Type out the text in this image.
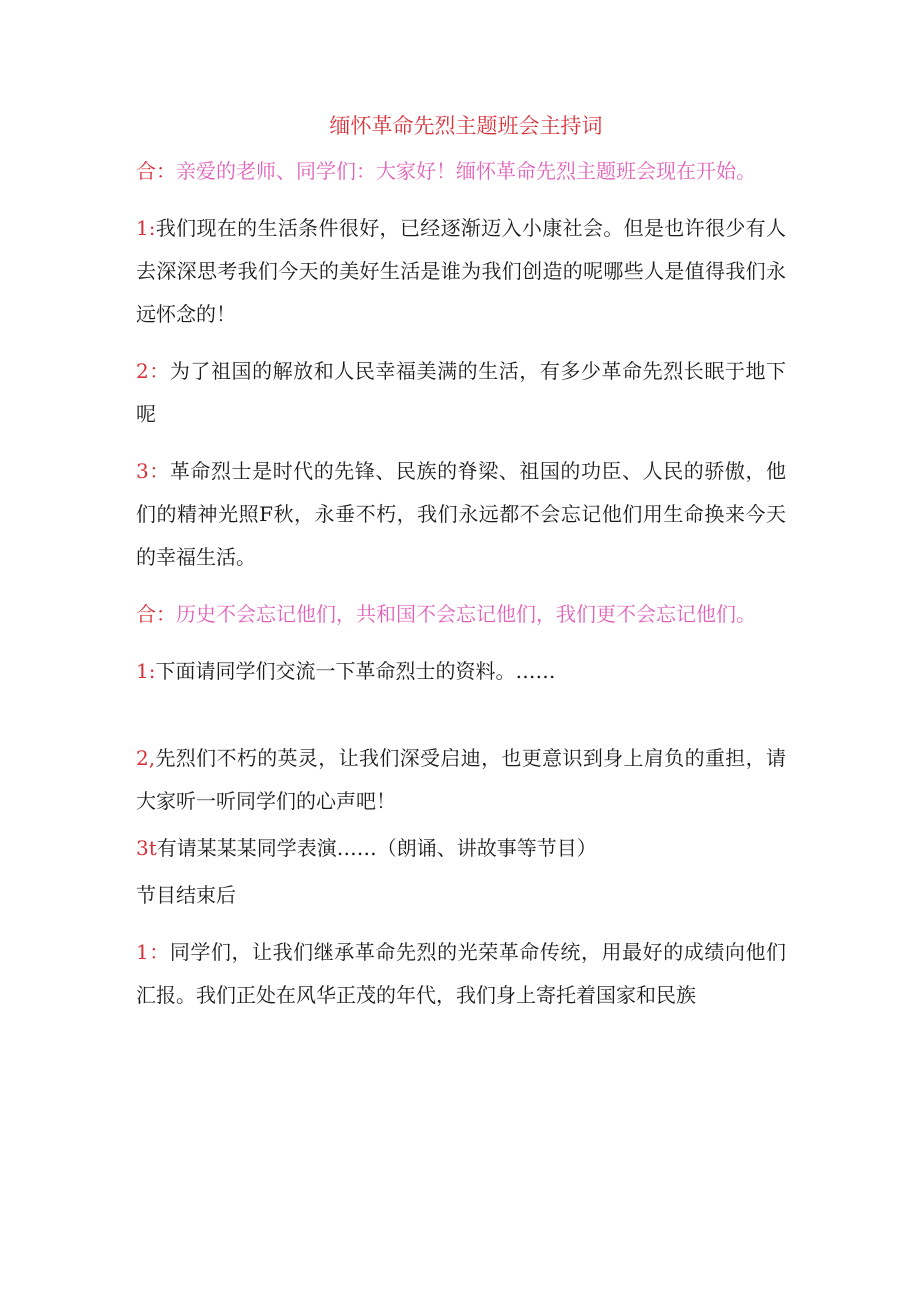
缅怀革命先烈主题班会主持词

合：亲爱的老师、同学们：大家好！缅怀革命先烈主题班会现在开始。

1:我们现在的生活条件很好，已经逐渐迈入小康社会。但是也许很少有人去深深思考我们今天的美好生活是谁为我们创造的呢哪些人是值得我们永远怀念的！

2：为了祖国的解放和人民幸福美满的生活，有多少革命先烈长眠于地下呢

3：革命烈士是时代的先锋、民族的脊梁、祖国的功臣、人民的骄傲，他们的精神光照F秋，永垂不朽，我们永远都不会忘记他们用生命换来今天的幸福生活。

合：历史不会忘记他们，共和国不会忘记他们，我们更不会忘记他们。

1:下面请同学们交流一下革命烈士的资料。……

2,先烈们不朽的英灵，让我们深受启迪，也更意识到身上肩负的重担，请大家听一听同学们的心声吧！

3t有请某某某同学表演……（朗诵、讲故事等节目）

节目结束后

1：同学们，让我们继承革命先烈的光荣革命传统，用最好的成绩向他们汇报。我们正处在风华正茂的年代，我们身上寄托着国家和民族
